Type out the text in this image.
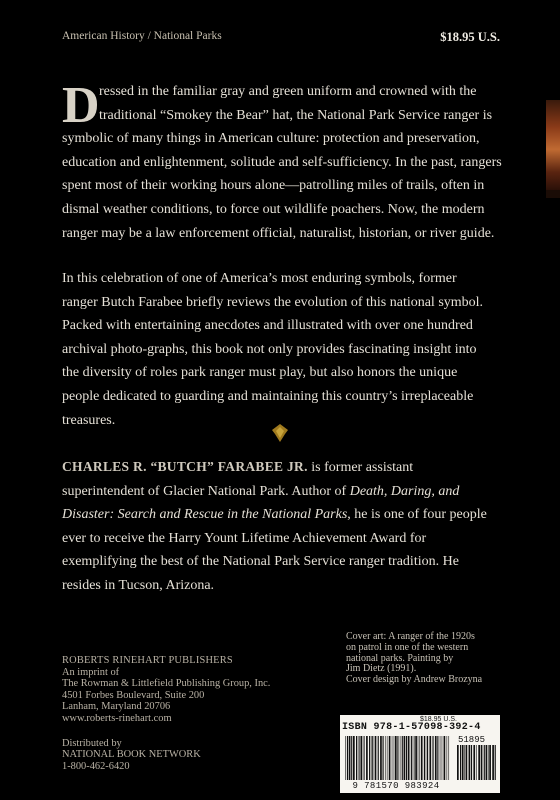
American History / National Parks	$18.95 U.S.
D ressed in the familiar gray and green uniform and crowned with the
traditional “Smokey the Bear” hat, the National Park Service ranger is
symbolic of many things in American culture: protection and preservation,
education and enlightenment, solitude and self-sufficiency. In the past, rangers
spent most of their working hours alone—patrolling miles of trails, often in
dismal weather conditions, to force out wildlife poachers. Now, the modern
ranger may be a law enforcement official, naturalist, historian, or river guide.
In this celebration of one of America’s most enduring symbols, former ranger Butch Farabee briefly reviews the evolution of this national symbol. Packed with entertaining anecdotes and illustrated with over one hundred archival photo-graphs, this book not only provides fascinating insight into the diversity of roles park ranger must play, but also honors the unique people dedicated to guarding and maintaining this country’s irreplaceable treasures.
CHARLES R. “BUTCH” FARABEE JR. is former assistant superintendent of Glacier National Park. Author of Death, Daring, and Disaster: Search and Rescue in the National Parks, he is one of four people ever to receive the Harry Yount Lifetime Achievement Award for exemplifying the best of the National Park Service ranger tradition. He resides in Tucson, Arizona.
ROBERTS RINEHART PUBLISHERS
An imprint of
The Rowman & Littlefield Publishing Group, Inc.
4501 Forbes Boulevard, Suite 200
Lanham, Maryland 20706
www.roberts-rinehart.com
Distributed by
NATIONAL BOOK NETWORK
1-800-462-6420
Cover art: A ranger of the 1920s
on patrol in one of the western
national parks. Painting by
Jim Dietz (1991).
Cover design by Andrew Brozyna
$18.95 U.S.
ISBN 978-1-57098-392-4
51895
9 781570 983924
